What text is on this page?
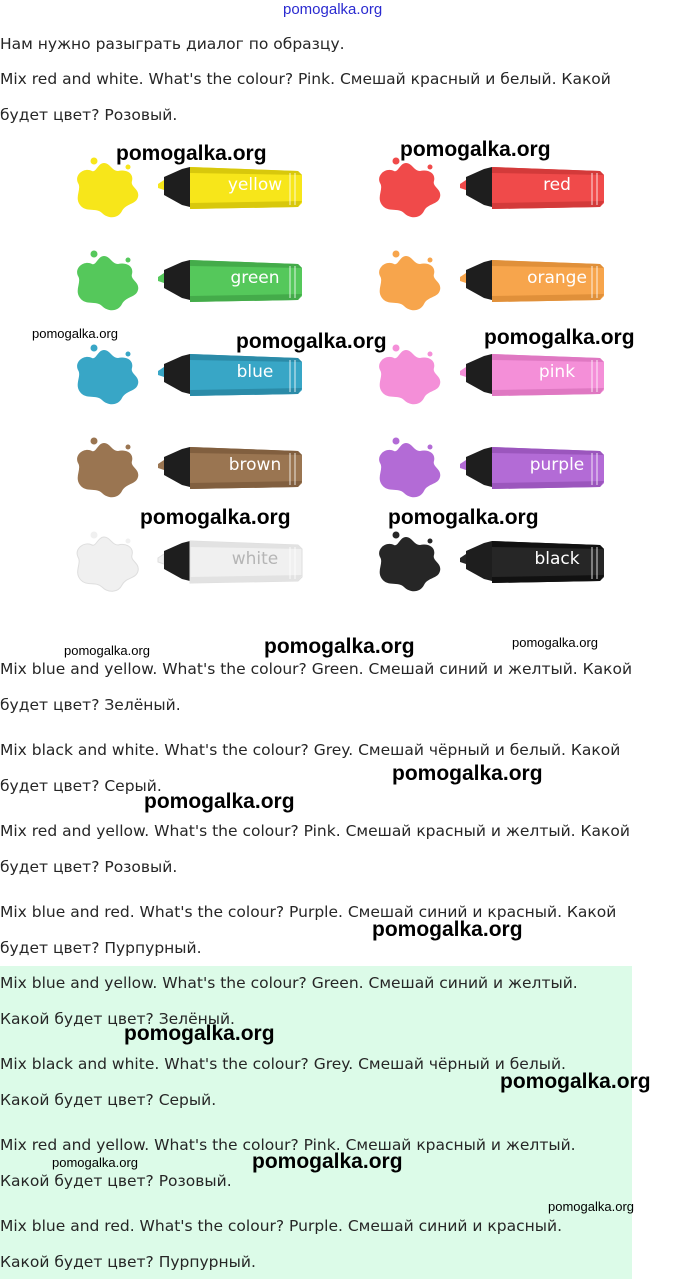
pomogalka.org

Нам нужно разыграть диалог по образцу.

Mix red and white. What's the colour? Pink. Смешай красный и белый. Какой

будет цвет? Розовый.

yellow	red
green	orange
blue	pink
brown	purple
white	black

Mix blue and yellow. What's the colour? Green. Смешай синий и желтый. Какой

будет цвет? Зелёный.

Mix black and white. What's the colour? Grey. Смешай чёрный и белый. Какой

будет цвет? Серый.

Mix red and yellow. What's the colour? Pink. Смешай красный и желтый. Какой

будет цвет? Розовый.

Mix blue and red. What's the colour? Purple. Смешай синий и красный. Какой

будет цвет? Пурпурный.

Mix blue and yellow. What's the colour? Green. Смешай синий и желтый.

Какой будет цвет? Зелёный.

Mix black and white. What's the colour? Grey. Смешай чёрный и белый.

Какой будет цвет? Серый.

Mix red and yellow. What's the colour? Pink. Смешай красный и желтый.

Какой будет цвет? Розовый.

Mix blue and red. What's the colour? Purple. Смешай синий и красный.

Какой будет цвет? Пурпурный.

pomogalka.org	pomogalka.org
pomogalka.org	pomogalka.org	pomogalka.org
pomogalka.org	pomogalka.org
pomogalka.org	pomogalka.org	pomogalka.org
pomogalka.org
pomogalka.org
pomogalka.org
pomogalka.org
pomogalka.org
pomogalka.org	pomogalka.org
pomogalka.org
